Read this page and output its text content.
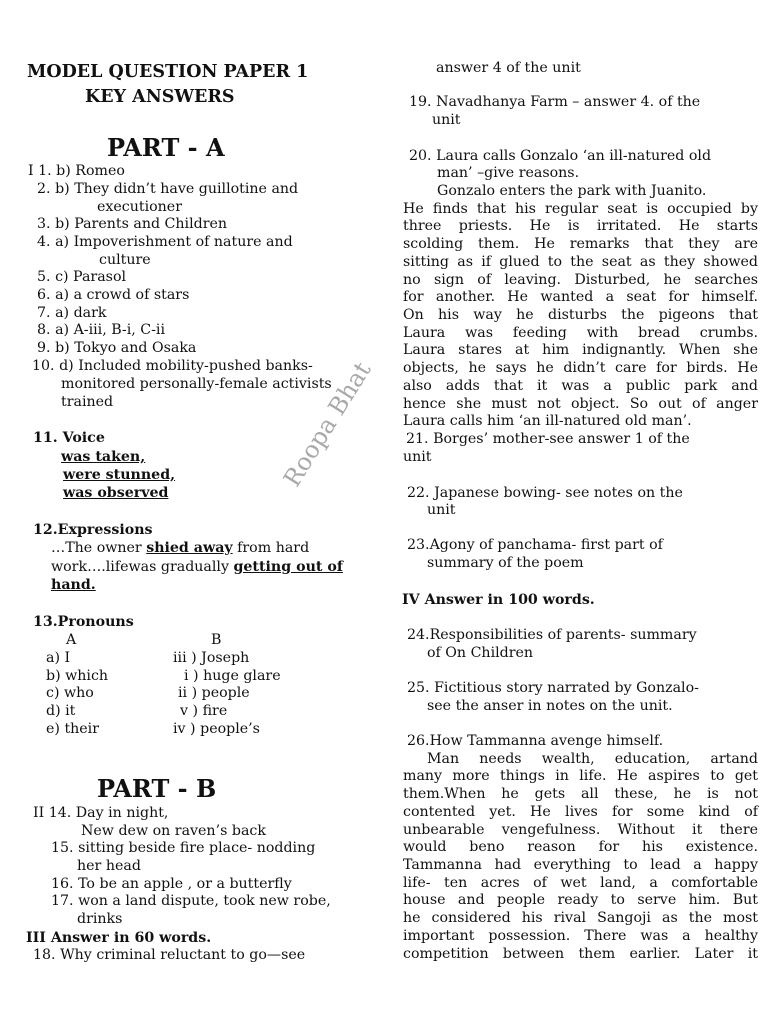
MODEL QUESTION PAPER 1
KEY ANSWERS
PART - A
I 1. b) Romeo
2. b) They didn’t have guillotine and
executioner
3. b) Parents and Children
4. a) Impoverishment of nature and
culture
5. c) Parasol
6. a) a crowd of stars
7. a) dark
8. a) A-iii, B-i, C-ii
9. b) Tokyo and Osaka
10. d) Included mobility-pushed banks-
monitored personally-female activists
trained
11. Voice
was taken,
were stunned,
was observed
12.Expressions
…The owner shied away from hard
work….lifewas gradually getting out of
hand.
13.Pronouns
A	B
a) I	iii ) Joseph
b) which	i ) huge glare
c) who	ii ) people
d) it	v ) fire
e) their	iv ) people’s
PART - B
II 14. Day in night,
New dew on raven’s back
15. sitting beside fire place- nodding
her head
16. To be an apple , or a butterfly
17. won a land dispute, took new robe,
drinks
III Answer in 60 words.
18. Why criminal reluctant to go—see
answer 4 of the unit
19. Navadhanya Farm – answer 4. of the
unit
20. Laura calls Gonzalo ‘an ill-natured old
man’ –give reasons.
Gonzalo enters the park with Juanito.
He finds that his regular seat is occupied by
three priests. He is irritated. He starts
scolding them. He remarks that they are
sitting as if glued to the seat as they showed
no sign of leaving. Disturbed, he searches
for another. He wanted a seat for himself.
On his way he disturbs the pigeons that
Laura was feeding with bread crumbs.
Laura stares at him indignantly. When she
objects, he says he didn’t care for birds. He
also adds that it was a public park and
hence she must not object. So out of anger
Laura calls him ‘an ill-natured old man’.
21. Borges’ mother-see answer 1 of the
unit
22. Japanese bowing- see notes on the
unit
23.Agony of panchama- first part of
summary of the poem
IV Answer in 100 words.
24.Responsibilities of parents- summary
of On Children
25. Fictitious story narrated by Gonzalo-
see the anser in notes on the unit.
26.How Tammanna avenge himself.
Man needs wealth, education, artand
many more things in life. He aspires to get
them.When he gets all these, he is not
contented yet. He lives for some kind of
unbearable vengefulness. Without it there
would beno reason for his existence.
Tammanna had everything to lead a happy
life- ten acres of wet land, a comfortable
house and people ready to serve him. But
he considered his rival Sangoji as the most
important possession. There was a healthy
competition between them earlier. Later it
Roopa Bhat
